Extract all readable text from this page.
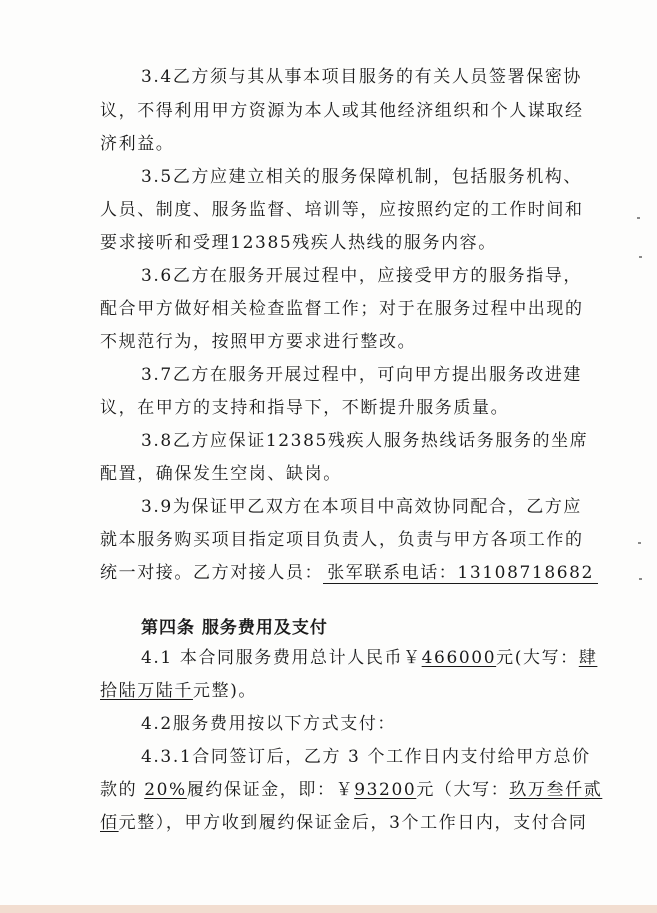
3.4乙方须与其从事本项目服务的有关人员签署保密协
议，不得利用甲方资源为本人或其他经济组织和个人谋取经
济利益。
3.5乙方应建立相关的服务保障机制，包括服务机构、
人员、制度、服务监督、培训等，应按照约定的工作时间和
要求接听和受理12385残疾人热线的服务内容。
3.6乙方在服务开展过程中，应接受甲方的服务指导，
配合甲方做好相关检查监督工作；对于在服务过程中出现的
不规范行为，按照甲方要求进行整改。
3.7乙方在服务开展过程中，可向甲方提出服务改进建
议，在甲方的支持和指导下，不断提升服务质量。
3.8乙方应保证12385残疾人服务热线话务服务的坐席
配置，确保发生空岗、缺岗。
3.9为保证甲乙双方在本项目中高效协同配合，乙方应
就本服务购买项目指定项目负责人，负责与甲方各项工作的
统一对接。乙方对接人员： 张军联系电话：13108718682
第四条 服务费用及支付
4.1 本合同服务费用总计人民币￥466000元(大写：肆
拾陆万陆千元整)。
4.2服务费用按以下方式支付：
4.3.1合同签订后，乙方 3 个工作日内支付给甲方总价
款的 20%履约保证金，即：￥93200元（大写：玖万叁仟贰
佰元整），甲方收到履约保证金后，3个工作日内，支付合同
